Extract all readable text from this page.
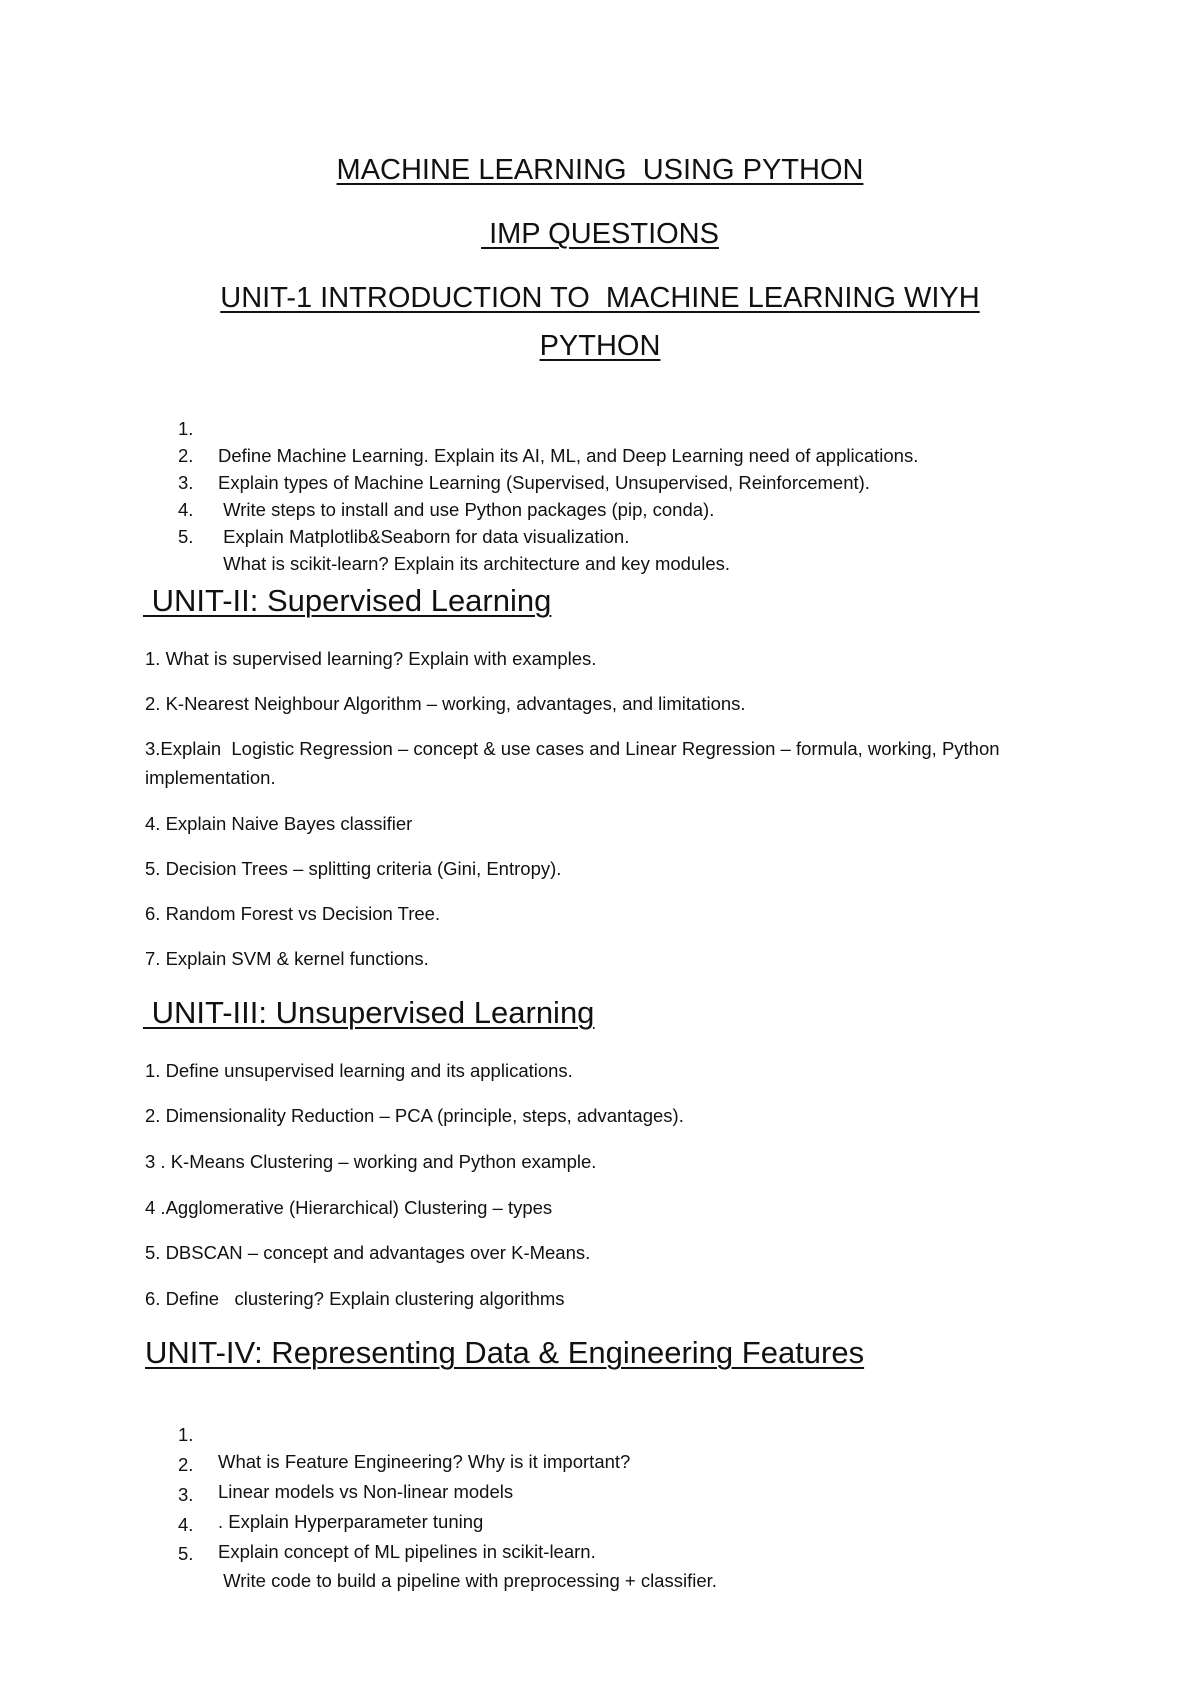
MACHINE LEARNING  USING PYTHON
IMP QUESTIONS
UNIT-1 INTRODUCTION TO  MACHINE LEARNING WIYH
PYTHON

1.

Define Machine Learning. Explain its AI, ML, and Deep Learning need of applications.

2.

Explain types of Machine Learning (Supervised, Unsupervised, Reinforcement).

3.

Write steps to install and use Python packages (pip, conda).

4.

Explain Matplotlib&Seaborn for data visualization.

5.

What is scikit-learn? Explain its architecture and key modules.

UNIT-II: Supervised Learning
1. What is supervised learning? Explain with examples.
2. K-Nearest Neighbour Algorithm – working, advantages, and limitations.
3.Explain  Logistic Regression – concept & use cases and Linear Regression – formula, working, Python implementation.
4. Explain Naive Bayes classifier
5. Decision Trees – splitting criteria (Gini, Entropy).
6. Random Forest vs Decision Tree.
7. Explain SVM & kernel functions.
UNIT-III: Unsupervised Learning
1. Define unsupervised learning and its applications.
2. Dimensionality Reduction – PCA (principle, steps, advantages).
3 . K-Means Clustering – working and Python example.
4 .Agglomerative (Hierarchical) Clustering – types
5. DBSCAN – concept and advantages over K-Means.
6. Define   clustering? Explain clustering algorithms
UNIT-IV: Representing Data & Engineering Features

1.

What is Feature Engineering? Why is it important?

2.

Linear models vs Non-linear models

3.

. Explain Hyperparameter tuning

4.

Explain concept of ML pipelines in scikit-learn.

5.

Write code to build a pipeline with preprocessing + classifier.
